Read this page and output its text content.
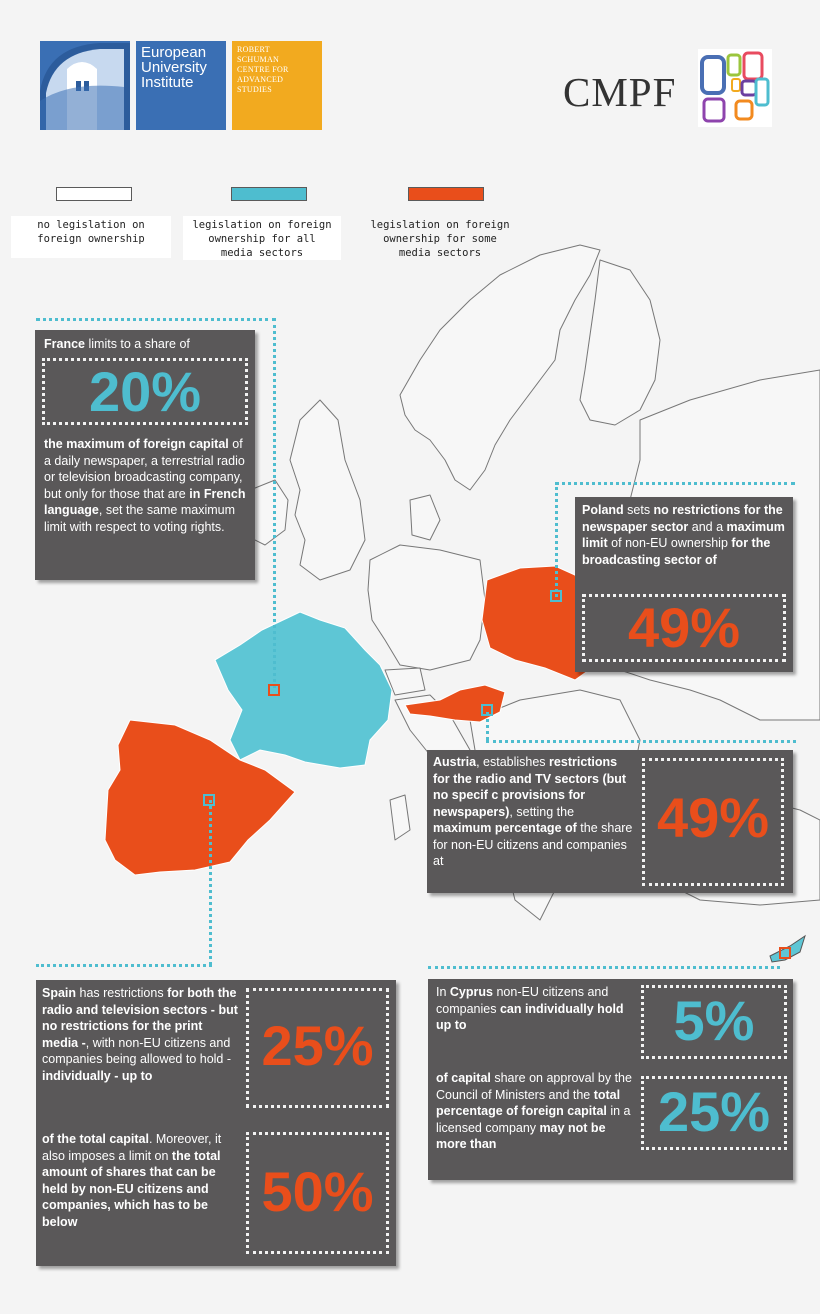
European
University
Institute
ROBERT
SCHUMAN
CENTRE FOR
ADVANCED
STUDIES	CMPF
no legislation on
foreign ownership
legislation on foreign
ownership for all
media sectors
legislation on foreign
ownership for some
media sectors
France limits to a share of
20%
the maximum of foreign capital of a daily newspaper, a terrestrial radio or television broadcasting company, but only for those that are in French language, set the same maximum limit with respect to voting rights.
Poland sets no restrictions for the newspaper sector and a maximum limit of non-EU ownership for the broadcasting sector of
49%
Austria, establishes restrictions for the radio and TV sectors (but no specif c provisions for newspapers), setting the maximum percentage of the share for non-EU citizens and companies at
49%
Spain has restrictions for both the radio and television sectors - but no restrictions for the print media -, with non-EU citizens and companies being allowed to hold - individually - up to	25%
of the total capital. Moreover, it also imposes a limit on the total amount of shares that can be held by non-EU citizens and companies, which has to be below	50%
In Cyprus non-EU citizens and companies can individually hold up to	5%
of capital share on approval by the Council of Ministers and the total percentage of foreign capital in a licensed company may not be more than
25%
